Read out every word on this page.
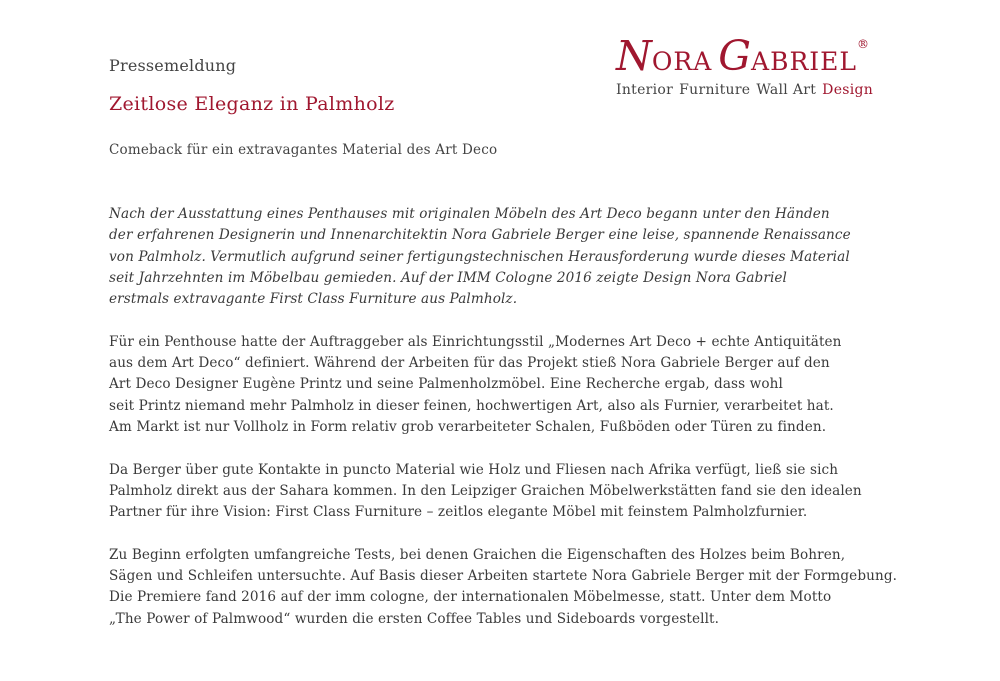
Pressemeldung
Zeitlose Eleganz in Palmholz
Comeback für ein extravagantes Material des Art Deco
NORA GABRIEL®
Interior Furniture Wall Art Design
Nach der Ausstattung eines Penthauses mit originalen Möbeln des Art Deco begann unter den Händen
der erfahrenen Designerin und Innenarchitektin Nora Gabriele Berger eine leise, spannende Renaissance
von Palmholz. Vermutlich aufgrund seiner fertigungstechnischen Herausforderung wurde dieses Material
seit Jahrzehnten im Möbelbau gemieden. Auf der IMM Cologne 2016 zeigte Design Nora Gabriel
erstmals extravagante First Class Furniture aus Palmholz.
Für ein Penthouse hatte der Auftraggeber als Einrichtungsstil „Modernes Art Deco + echte Antiquitäten
aus dem Art Deco“ definiert. Während der Arbeiten für das Projekt stieß Nora Gabriele Berger auf den
Art Deco Designer Eugène Printz und seine Palmenholzmöbel. Eine Recherche ergab, dass wohl
seit Printz niemand mehr Palmholz in dieser feinen, hochwertigen Art, also als Furnier, verarbeitet hat.
Am Markt ist nur Vollholz in Form relativ grob verarbeiteter Schalen, Fußböden oder Türen zu finden.
Da Berger über gute Kontakte in puncto Material wie Holz und Fliesen nach Afrika verfügt, ließ sie sich
Palmholz direkt aus der Sahara kommen. In den Leipziger Graichen Möbelwerkstätten fand sie den idealen
Partner für ihre Vision: First Class Furniture – zeitlos elegante Möbel mit feinstem Palmholzfurnier.
Zu Beginn erfolgten umfangreiche Tests, bei denen Graichen die Eigenschaften des Holzes beim Bohren,
Sägen und Schleifen untersuchte. Auf Basis dieser Arbeiten startete Nora Gabriele Berger mit der Formgebung.
Die Premiere fand 2016 auf der imm cologne, der internationalen Möbelmesse, statt. Unter dem Motto
„The Power of Palmwood“ wurden die ersten Coffee Tables und Sideboards vorgestellt.
